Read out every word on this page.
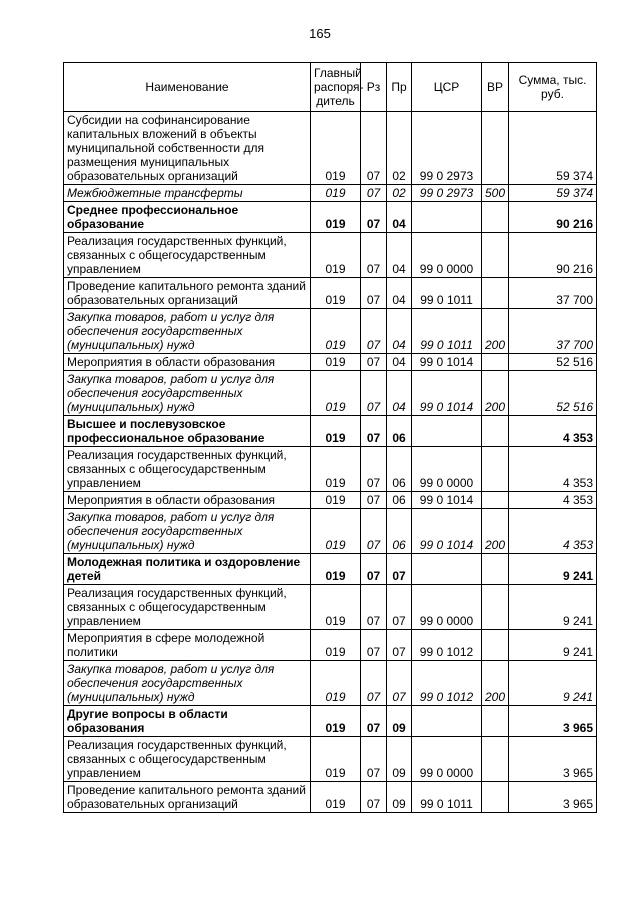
165
Наименование	Главный распоря-дитель	Рз	Пр	ЦСР	ВР	Сумма, тыс. руб.
Субсидии на софинансирование капитальных вложений в объекты муниципальной собственности для размещения муниципальных образовательных организаций	019	07	02	99 0 2973		59 374
Межбюджетные трансферты	019	07	02	99 0 2973	500	59 374
Среднее профессиональное образование	019	07	04			90 216
Реализация государственных функций, связанных с общегосударственным управлением	019	07	04	99 0 0000		90 216
Проведение капитального ремонта зданий образовательных организаций	019	07	04	99 0 1011		37 700
Закупка товаров, работ и услуг для обеспечения государственных (муниципальных) нужд	019	07	04	99 0 1011	200	37 700
Мероприятия в области образования	019	07	04	99 0 1014		52 516
Закупка товаров, работ и услуг для обеспечения государственных (муниципальных) нужд	019	07	04	99 0 1014	200	52 516
Высшее и послевузовское профессиональное образование	019	07	06			4 353
Реализация государственных функций, связанных с общегосударственным управлением	019	07	06	99 0 0000		4 353
Мероприятия в области образования	019	07	06	99 0 1014		4 353
Закупка товаров, работ и услуг для обеспечения государственных (муниципальных) нужд	019	07	06	99 0 1014	200	4 353
Молодежная политика и оздоровление детей	019	07	07			9 241
Реализация государственных функций, связанных с общегосударственным управлением	019	07	07	99 0 0000		9 241
Мероприятия в сфере молодежной политики	019	07	07	99 0 1012		9 241
Закупка товаров, работ и услуг для обеспечения государственных (муниципальных) нужд	019	07	07	99 0 1012	200	9 241
Другие вопросы в области образования	019	07	09			3 965
Реализация государственных функций, связанных с общегосударственным управлением	019	07	09	99 0 0000		3 965
Проведение капитального ремонта зданий образовательных организаций	019	07	09	99 0 1011		3 965
